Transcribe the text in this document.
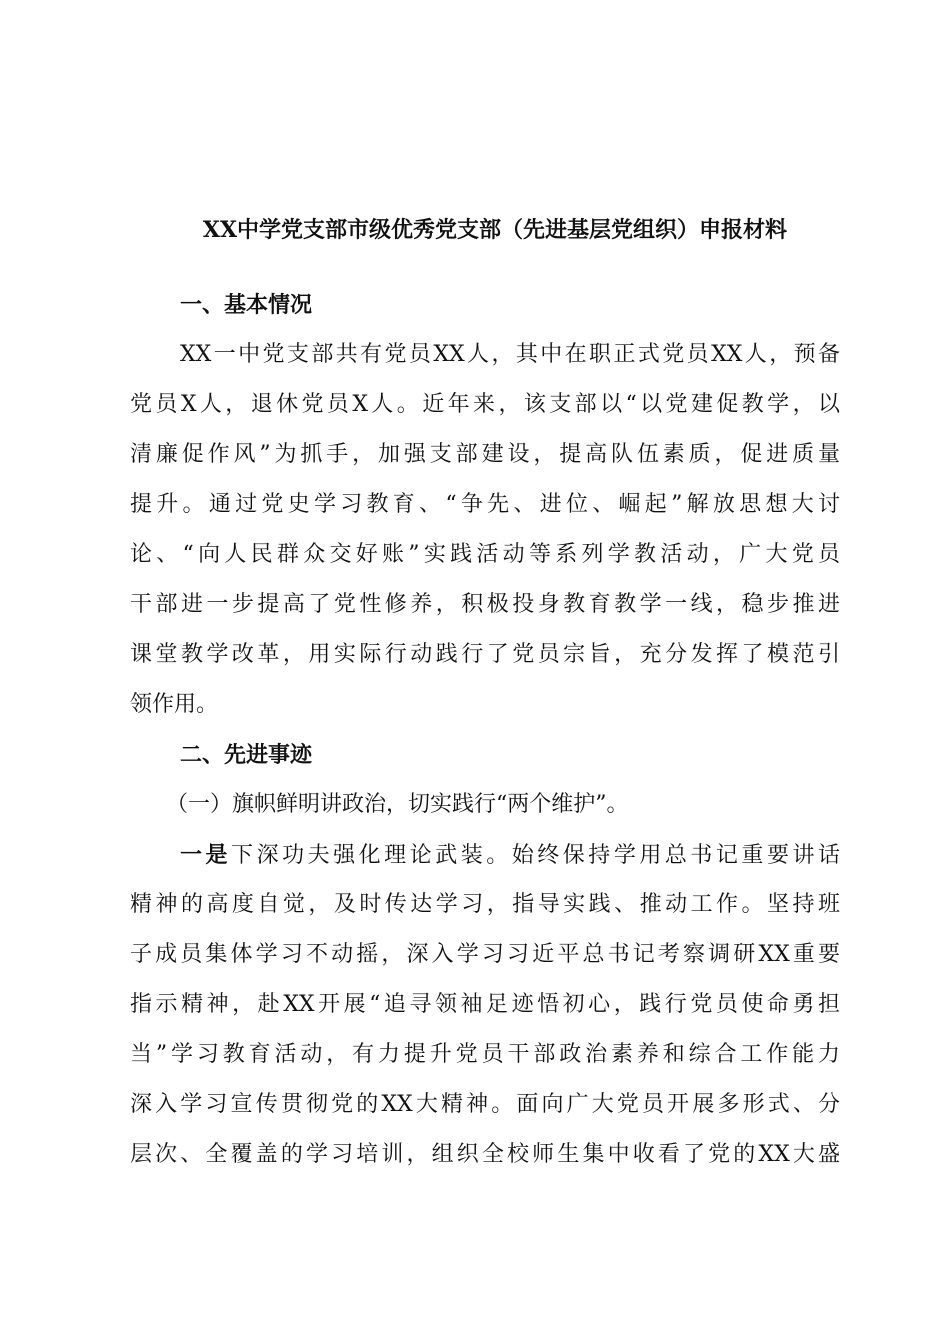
XX中学党支部市级优秀党支部（先进基层党组织）申报材料
一、基本情况
XX一中党支部共有党员XX人，其中在职正式党员XX人，预备
党员X人，退休党员X人。近年来，该支部以“以党建促教学，以
清廉促作风”为抓手，加强支部建设，提高队伍素质，促进质量
提升。通过党史学习教育、“争先、进位、崛起”解放思想大讨
论、“向人民群众交好账”实践活动等系列学教活动，广大党员
干部进一步提高了党性修养，积极投身教育教学一线，稳步推进
课堂教学改革，用实际行动践行了党员宗旨，充分发挥了模范引
领作用。
二、先进事迹
（一）旗帜鲜明讲政治，切实践行“两个维护”。
一是下深功夫强化理论武装。始终保持学用总书记重要讲话
精神的高度自觉，及时传达学习，指导实践、推动工作。坚持班
子成员集体学习不动摇，深入学习习近平总书记考察调研XX重要
指示精神，赴XX开展“追寻领袖足迹悟初心，践行党员使命勇担
当”学习教育活动，有力提升党员干部政治素养和综合工作能力
深入学习宣传贯彻党的XX大精神。面向广大党员开展多形式、分
层次、全覆盖的学习培训，组织全校师生集中收看了党的XX大盛
